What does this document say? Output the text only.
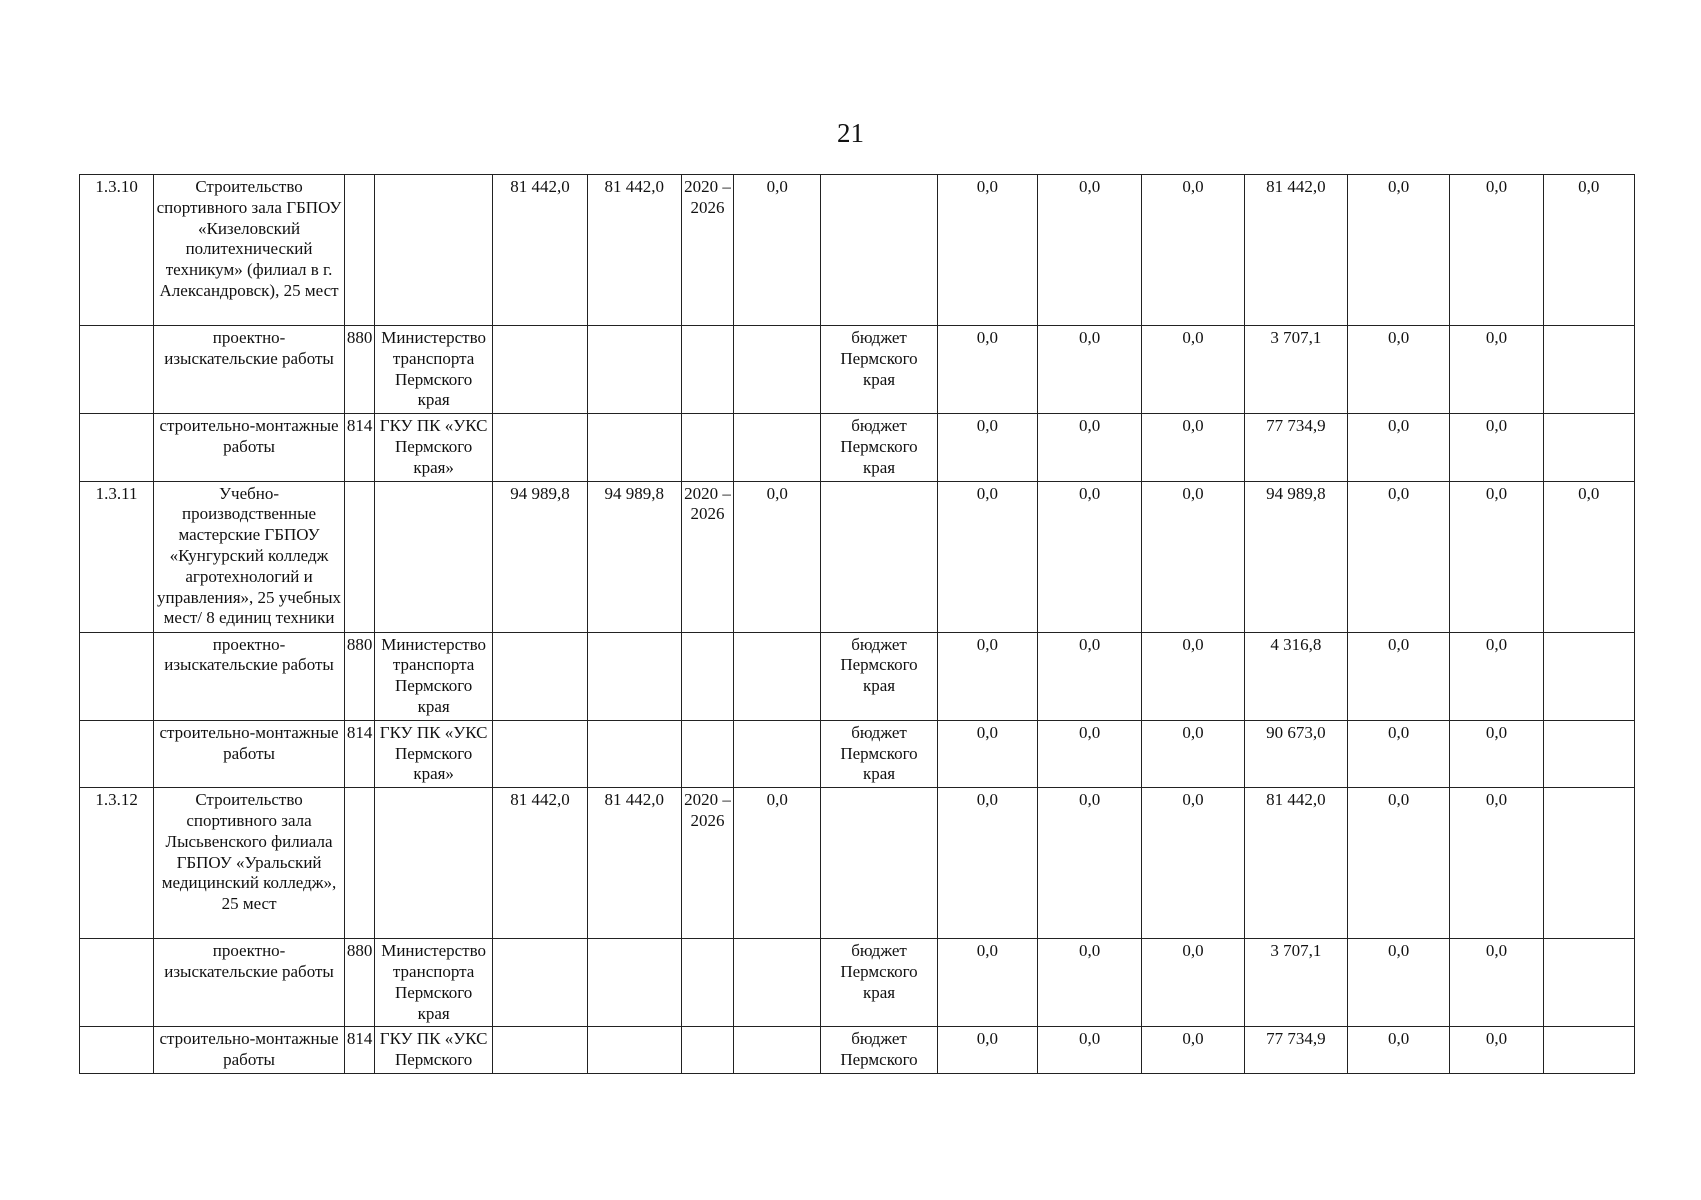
21
1.3.10	Строительство спортивного зала ГБПОУ «Кизеловский политехнический техникум» (филиал в г. Александровск), 25 мест			81 442,0	81 442,0	2020 – 2026	0,0		0,0	0,0	0,0	81 442,0	0,0	0,0	0,0
	проектно-изыскательские работы	880	Министерство транспорта Пермского края					бюджет Пермского края	0,0	0,0	0,0	3 707,1	0,0	0,0	
	строительно-монтажные работы	814	ГКУ ПК «УКС Пермского края»					бюджет Пермского края	0,0	0,0	0,0	77 734,9	0,0	0,0	
1.3.11	Учебно-производственные мастерские ГБПОУ «Кунгурский колледж агротехнологий и управления», 25 учебных мест/ 8 единиц техники			94 989,8	94 989,8	2020 – 2026	0,0		0,0	0,0	0,0	94 989,8	0,0	0,0	0,0
	проектно-изыскательские работы	880	Министерство транспорта Пермского края					бюджет Пермского края	0,0	0,0	0,0	4 316,8	0,0	0,0	
	строительно-монтажные работы	814	ГКУ ПК «УКС Пермского края»					бюджет Пермского края	0,0	0,0	0,0	90 673,0	0,0	0,0	
1.3.12	Строительство спортивного зала Лысьвенского филиала ГБПОУ «Уральский медицинский колледж», 25 мест			81 442,0	81 442,0	2020 – 2026	0,0		0,0	0,0	0,0	81 442,0	0,0	0,0	
	проектно-изыскательские работы	880	Министерство транспорта Пермского края					бюджет Пермского края	0,0	0,0	0,0	3 707,1	0,0	0,0	
	строительно-монтажные работы	814	ГКУ ПК «УКС Пермского					бюджет Пермского	0,0	0,0	0,0	77 734,9	0,0	0,0	
